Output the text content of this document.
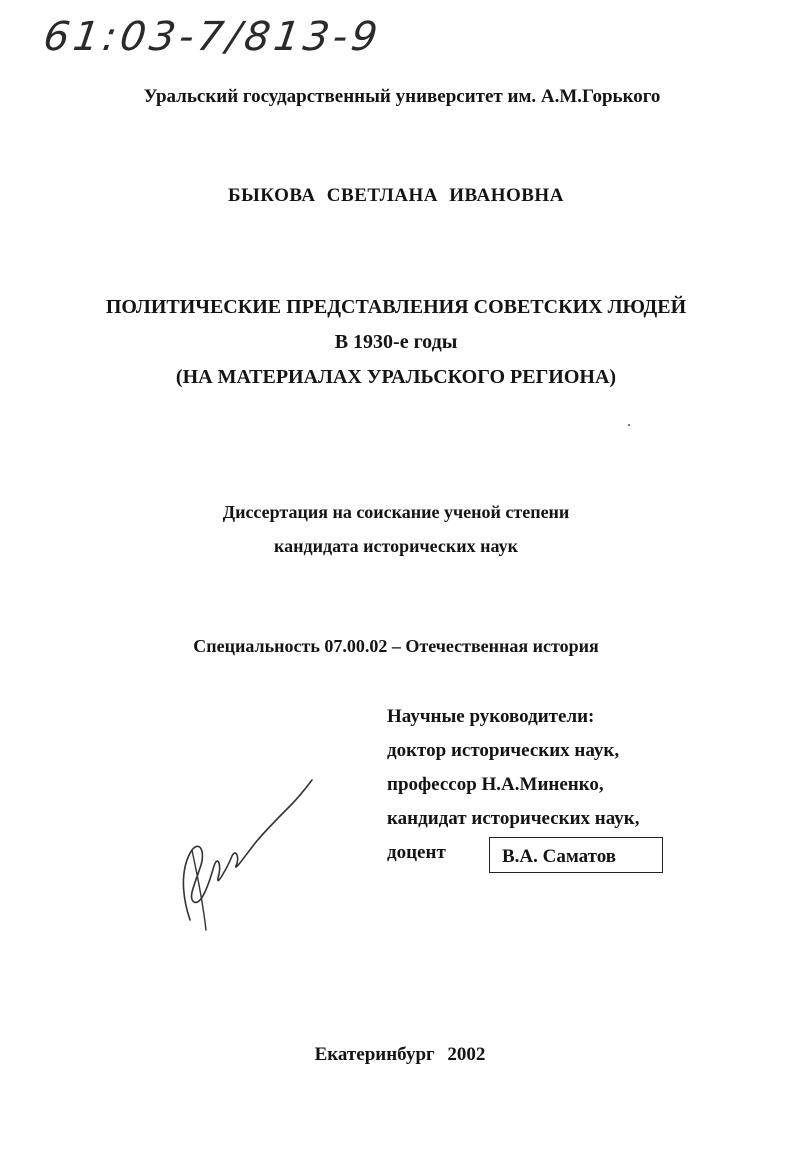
61:03-7/813-9
Уральский государственный университет им. А.М.Горького
БЫКОВА СВЕТЛАНА ИВАНОВНА
ПОЛИТИЧЕСКИЕ ПРЕДСТАВЛЕНИЯ СОВЕТСКИХ ЛЮДЕЙ
В 1930-е годы
(НА МАТЕРИАЛАХ УРАЛЬСКОГО РЕГИОНА)
Диссертация на соискание ученой степени
кандидата исторических наук
Специальность 07.00.02 – Отечественная история
Научные руководители:
доктор исторических наук,
профессор Н.А.Миненко,
кандидат исторических наук,
доцент	В.А. Саматов
Екатеринбург 2002
